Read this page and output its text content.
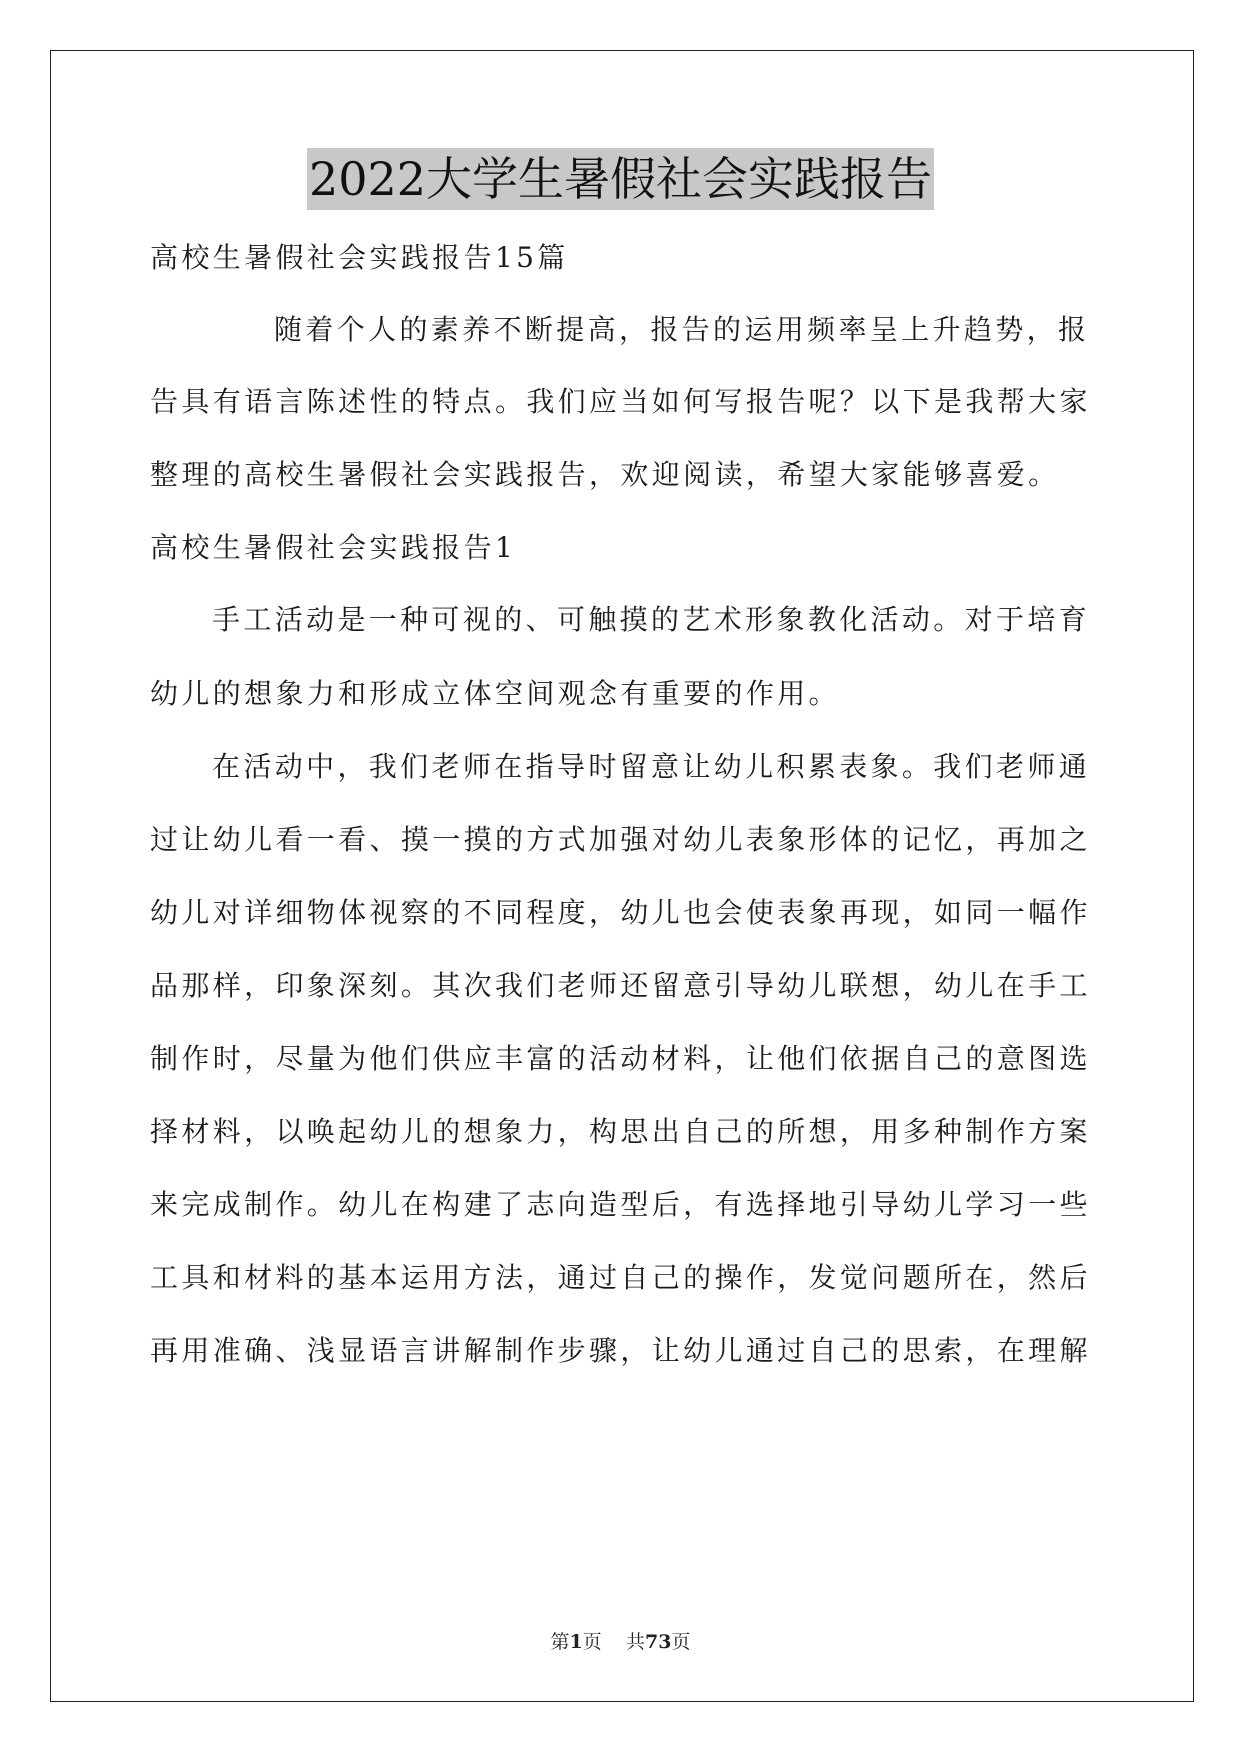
2022大学生暑假社会实践报告
高校生暑假社会实践报告15篇
随着个人的素养不断提高，报告的运用频率呈上升趋势，报
告具有语言陈述性的特点。我们应当如何写报告呢？以下是我帮大家
整理的高校生暑假社会实践报告，欢迎阅读，希望大家能够喜爱。
高校生暑假社会实践报告1
手工活动是一种可视的、可触摸的艺术形象教化活动。对于培育
幼儿的想象力和形成立体空间观念有重要的作用。
在活动中，我们老师在指导时留意让幼儿积累表象。我们老师通
过让幼儿看一看、摸一摸的方式加强对幼儿表象形体的记忆，再加之
幼儿对详细物体视察的不同程度，幼儿也会使表象再现，如同一幅作
品那样，印象深刻。其次我们老师还留意引导幼儿联想，幼儿在手工
制作时，尽量为他们供应丰富的活动材料，让他们依据自己的意图选
择材料，以唤起幼儿的想象力，构思出自己的所想，用多种制作方案
来完成制作。幼儿在构建了志向造型后，有选择地引导幼儿学习一些
工具和材料的基本运用方法，通过自己的操作，发觉问题所在，然后
再用准确、浅显语言讲解制作步骤，让幼儿通过自己的思索，在理解
第1页 共73页
